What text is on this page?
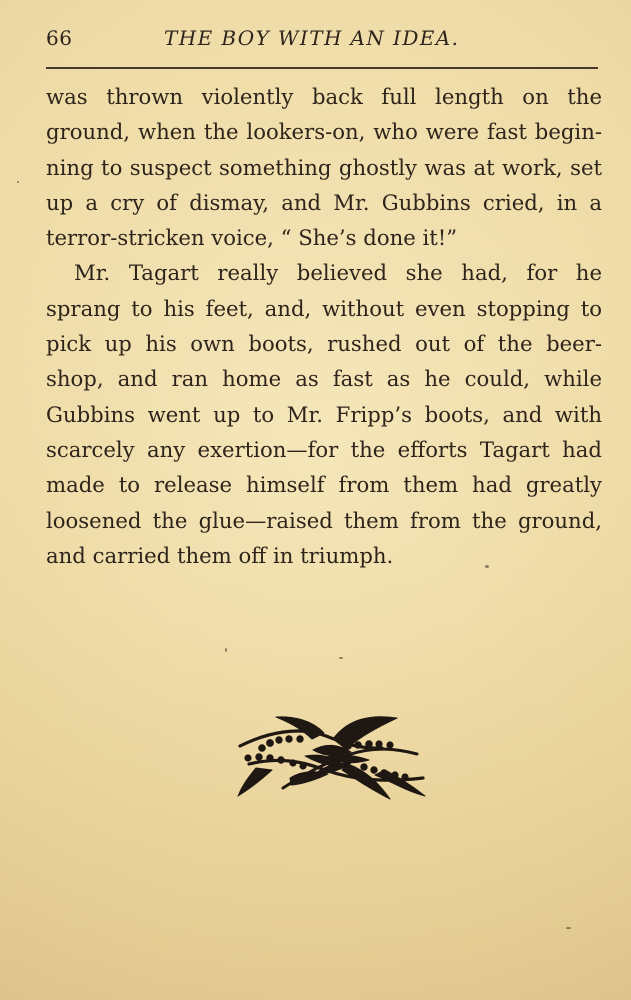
66	THE BOY WITH AN IDEA.
was thrown violently back full length on the
ground, when the lookers-on, who were fast begin-
ning to suspect something ghostly was at work, set
up a cry of dismay, and Mr. Gubbins cried, in a
terror-stricken voice, “ She’s done it!”
Mr. Tagart really believed she had, for he
sprang to his feet, and, without even stopping to
pick up his own boots, rushed out of the beer-
shop, and ran home as fast as he could, while
Gubbins went up to Mr. Fripp’s boots, and with
scarcely any exertion—for the efforts Tagart had
made to release himself from them had greatly
loosened the glue—raised them from the ground,
and carried them off in triumph.
